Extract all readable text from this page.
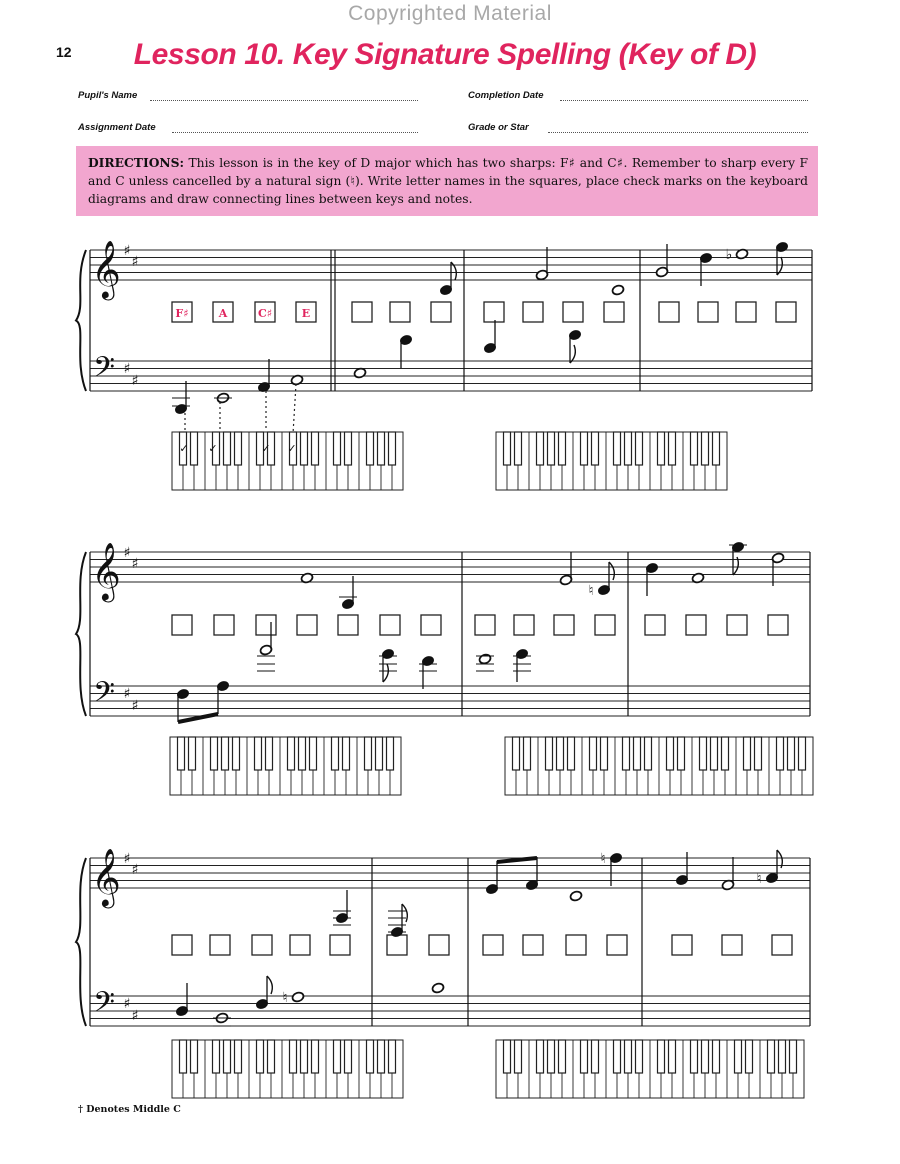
Copyrighted Material
12	Lesson 10. Key Signature Spelling (Key of D)
Pupil's Name	Completion Date
Assignment Date	Grade or Star
DIRECTIONS: This lesson is in the key of D major which has two sharps: F♯ and C♯. Remember to sharp every F and C unless cancelled by a natural sign (♮). Write letter names in the squares, place check marks on the keyboard diagrams and draw connecting lines between keys and notes.
𝄞
𝄢
♯
♯
♯
♯
♭
✓ ✓	✓ ✓
𝄞
𝄢
♯
♯
♯
♯
♮
𝄞
𝄢
♯
♯
♯
♯
♮
♮
♮
F♯	A	C♯	E
† Denotes Middle C
